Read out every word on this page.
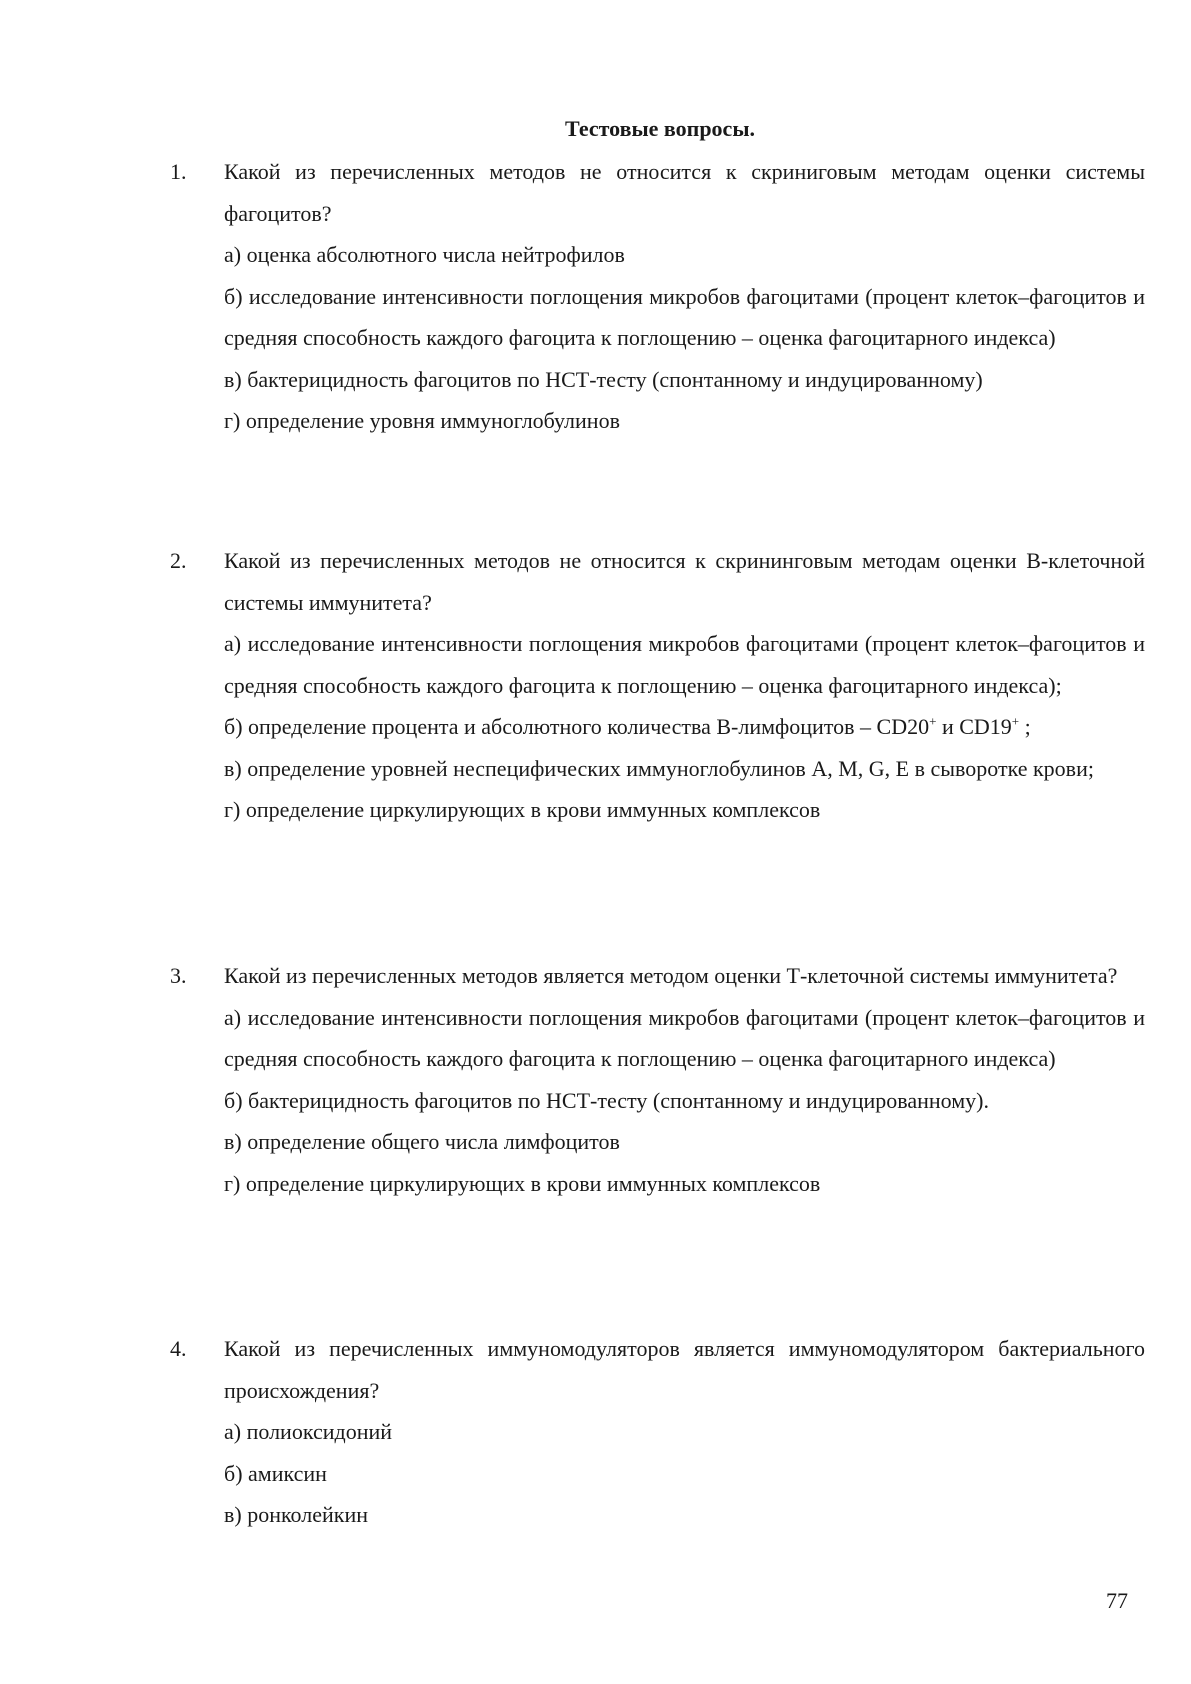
Тестовые вопросы.
1.	Какой из перечисленных методов не относится к скриниговым методам оценки системы фагоцитов?
а) оценка абсолютного числа нейтрофилов
б) исследование интенсивности поглощения микробов фагоцитами (процент клеток–фагоцитов и средняя способность каждого фагоцита к поглощению – оценка фагоцитарного индекса)
в) бактерицидность фагоцитов по НСТ-тесту (спонтанному и индуцированному)
г) определение уровня иммуноглобулинов
2.	Какой из перечисленных методов не относится к скрининговым методам оценки В-клеточной системы иммунитета?
а) исследование интенсивности поглощения микробов фагоцитами (процент клеток–фагоцитов и средняя способность каждого фагоцита к поглощению – оценка фагоцитарного индекса);
б) определение процента и абсолютного количества В-лимфоцитов – CD20+ и CD19+ ;
в) определение уровней неспецифических иммуноглобулинов A, M, G, E в сыворотке крови;
г) определение циркулирующих в крови иммунных комплексов
3.	Какой из перечисленных методов является методом оценки Т-клеточной системы иммунитета?
а) исследование интенсивности поглощения микробов фагоцитами (процент клеток–фагоцитов и средняя способность каждого фагоцита к поглощению – оценка фагоцитарного индекса)
б) бактерицидность фагоцитов по НСТ-тесту (спонтанному и индуцированному).
в) определение общего числа лимфоцитов
г) определение циркулирующих в крови иммунных комплексов
4.	Какой из перечисленных иммуномодуляторов является иммуномодулятором бактериального происхождения?
а) полиоксидоний
б) амиксин
в) ронколейкин
77
